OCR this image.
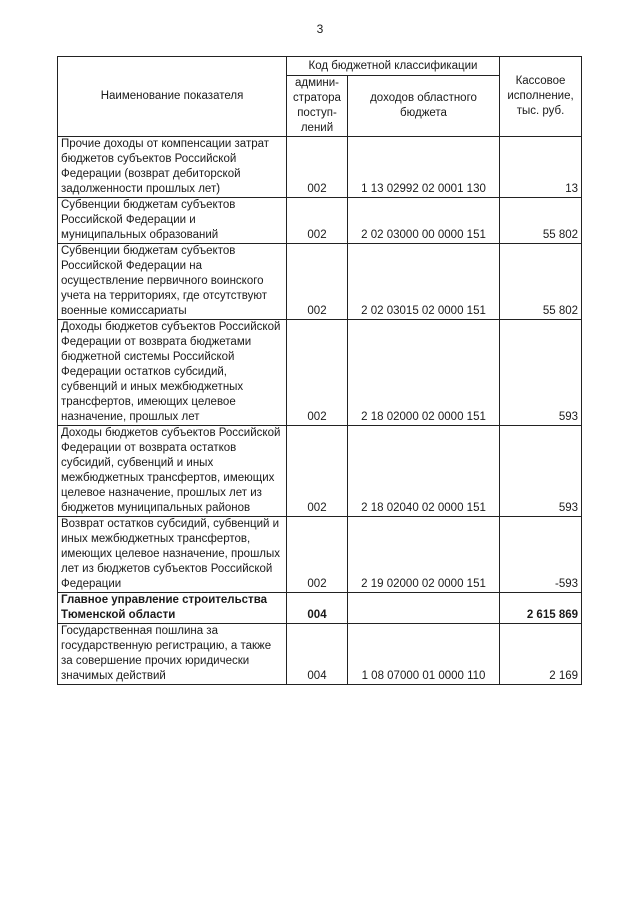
3
Наименование показателя	Код бюджетной классификации		Кассовое исполнение, тыс. руб.
	админи-стратора поступ-лений	доходов областного бюджета	
Прочие доходы от компенсации затрат бюджетов субъектов Российской Федерации (возврат дебиторской задолженности прошлых лет)	002	1 13 02992 02 0001 130	13
Субвенции бюджетам субъектов Российской Федерации и муниципальных образований	002	2 02 03000 00 0000 151	55 802
Субвенции бюджетам субъектов Российской Федерации на осуществление первичного воинского учета на территориях, где отсутствуют военные комиссариаты	002	2 02 03015 02 0000 151	55 802
Доходы бюджетов субъектов Российской Федерации от возврата бюджетами бюджетной системы Российской Федерации остатков субсидий, субвенций и иных межбюджетных трансфертов, имеющих целевое назначение, прошлых лет	002	2 18 02000 02 0000 151	593
Доходы бюджетов субъектов Российской Федерации от возврата остатков субсидий, субвенций и иных межбюджетных трансфертов, имеющих целевое назначение, прошлых лет из бюджетов муниципальных районов	002	2 18 02040 02 0000 151	593
Возврат остатков субсидий, субвенций и иных межбюджетных трансфертов, имеющих целевое назначение, прошлых лет из бюджетов субъектов Российской Федерации	002	2 19 02000 02 0000 151	-593
Главное управление строительства Тюменской области	004		2 615 869
Государственная пошлина за государственную регистрацию, а также за совершение прочих юридически значимых действий	004	1 08 07000 01 0000 110	2 169
